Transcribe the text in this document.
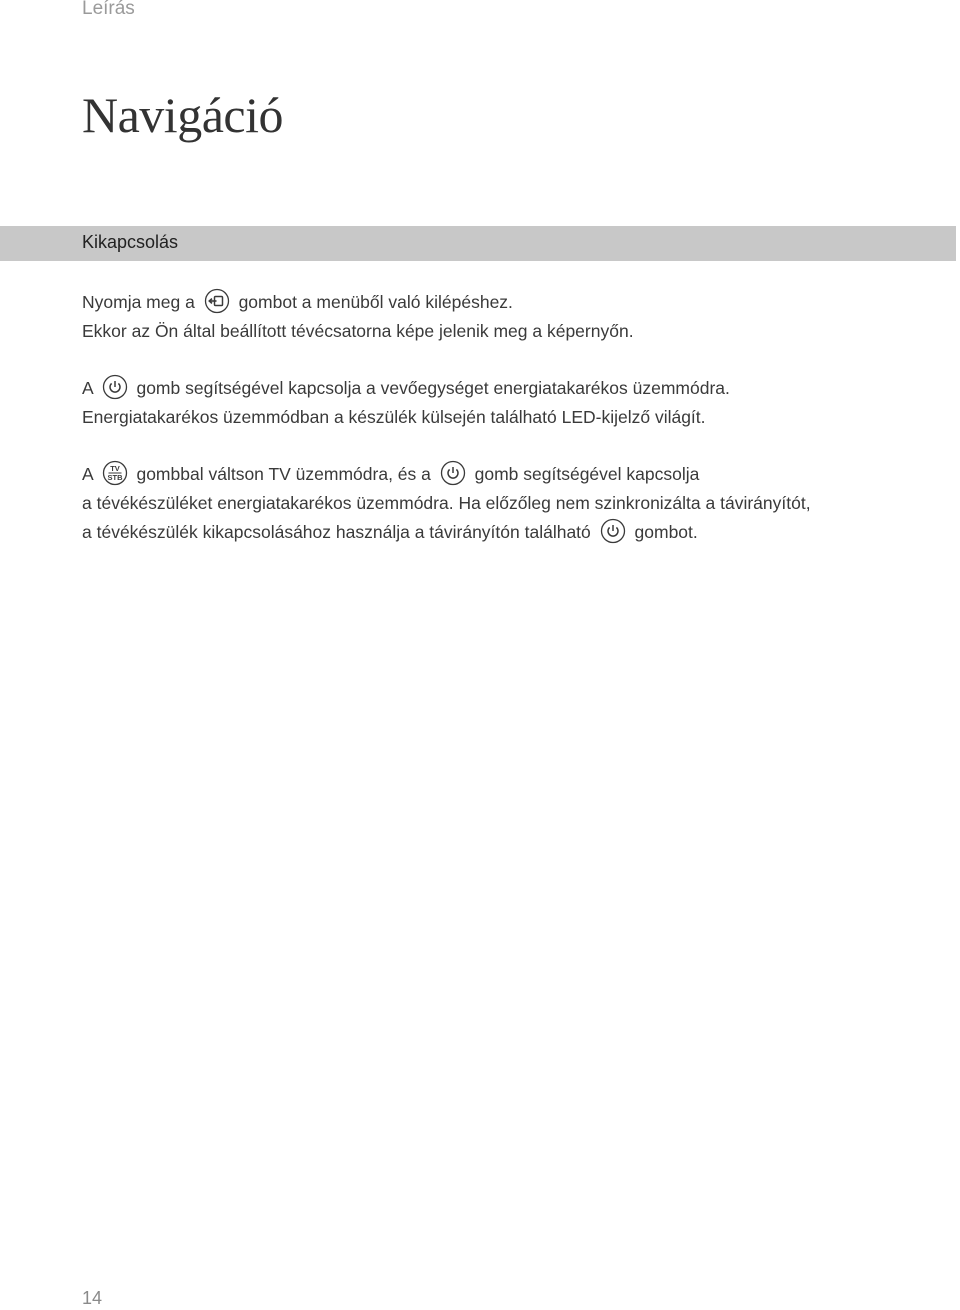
Leírás
Navigáció
Kikapcsolás

Nyomja meg a	gombot a menüből való kilépéshez.
Ekkor az Ön által beállított tévécsatorna képe jelenik meg a képernyőn.

A	gomb segítségével kapcsolja a vevőegységet energiatakarékos üzemmódra.
Energiatakarékos üzemmódban a készülék külsején található LED-kijelző világít.

A TV
STB gombbal váltson TV üzemmódra, és a	gomb segítségével kapcsolja
a tévékészüléket energiatakarékos üzemmódra. Ha előzőleg nem szinkronizálta a távirányítót,
a tévékészülék kikapcsolásához használja a távirányítón található	gombot.

14
